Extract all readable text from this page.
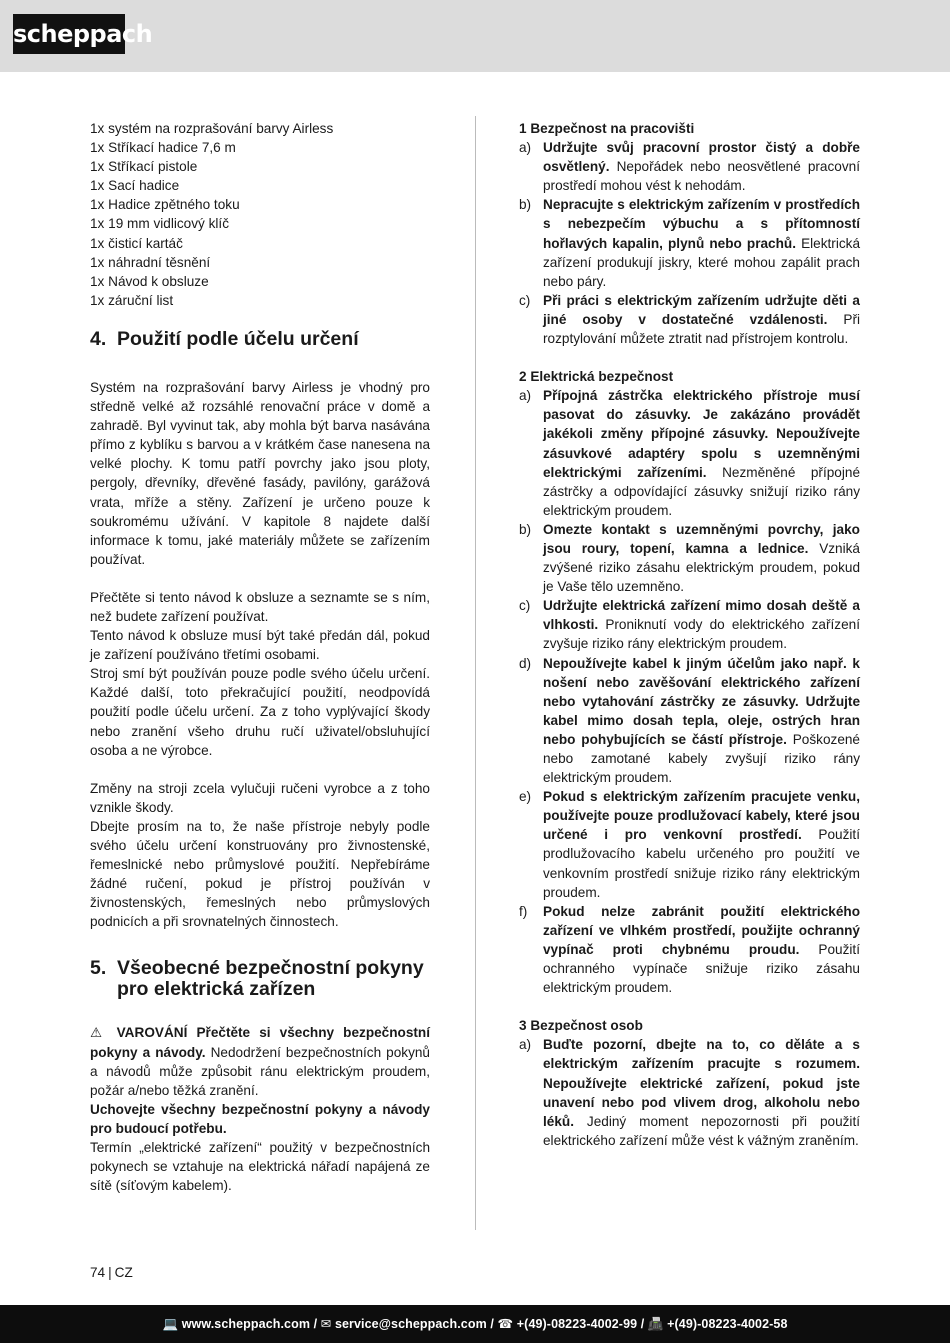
scheppach

1x systém na rozprašování barvy Airless

1x Stříkací hadice 7,6 m

1x Stříkací pistole

1x Sací hadice

1x Hadice zpětného toku

1x 19 mm vidlicový klíč

1x čisticí kartáč

1x náhradní těsnění

1x Návod k obsluze

1x záruční list

4. Použití podle účelu určení

Systém na rozprašování barvy Airless je vhodný pro středně velké až rozsáhlé renovační práce v domě a zahradě. Byl vyvinut tak, aby mohla být barva nasávána přímo z kyblíku s barvou a v krátkém čase nanesena na velké plochy. K tomu patří povrchy jako jsou ploty, pergoly, dřevníky, dřevěné fasády, pavilóny, garážová vrata, mříže a stěny. Zařízení je určeno pouze k soukromému užívání. V kapitole 8 najdete další informace k tomu, jaké materiály můžete se zařízením používat.

Přečtěte si tento návod k obsluze a seznamte se s ním, než budete zařízení používat.

Tento návod k obsluze musí být také předán dál, pokud je zařízení používáno třetími osobami.

Stroj smí být používán pouze podle svého účelu určení. Každé další, toto překračující použití, neodpovídá použití podle účelu určení. Za z toho vyplývající škody nebo zranění všeho druhu ručí uživatel/obsluhující osoba a ne výrobce.

Změny na stroji zcela vylučuji ručeni vyrobce a z toho vznikle škody.

Dbejte prosím na to, že naše přístroje nebyly podle svého účelu určení konstruovány pro živnostenské, řemeslnické nebo průmyslové použití. Nepřebíráme žádné ručení, pokud je přístroj používán v živnostenských, řemeslných nebo průmyslových podnicích a při srovnatelných činnostech.

5. Všeobecné bezpečnostní pokyny pro elektrická zařízen

⚠ VAROVÁNÍ Přečtěte si všechny bezpečnostní pokyny a návody. Nedodržení bezpečnostních pokynů a návodů může způsobit ránu elektrickým proudem, požár a/nebo těžká zranění.

Uchovejte všechny bezpečnostní pokyny a návody pro budoucí potřebu.

Termín „elektrické zařízení“ použitý v bezpečnostních pokynech se vztahuje na elektrická nářadí napájená ze sítě (síťovým kabelem).

1 Bezpečnost na pracovišti

a) Udržujte svůj pracovní prostor čistý a dobře osvětlený. Nepořádek nebo neosvětlené pracovní prostředí mohou vést k nehodám.
b) Nepracujte s elektrickým zařízením v prostředích s nebezpečím výbuchu a s přítomností hořlavých kapalin, plynů nebo prachů. Elektrická zařízení produkují jiskry, které mohou zapálit prach nebo páry.
c) Při práci s elektrickým zařízením udržujte děti a jiné osoby v dostatečné vzdálenosti. Při rozptylování můžete ztratit nad přístrojem kontrolu.

2 Elektrická bezpečnost

a) Přípojná zástrčka elektrického přístroje musí pasovat do zásuvky. Je zakázáno provádět jakékoli změny přípojné zásuvky. Nepoužívejte zásuvkové adaptéry spolu s uzemněnými elektrickými zařízeními. Nezměněné přípojné zástrčky a odpovídající zásuvky snižují riziko rány elektrickým proudem.
b) Omezte kontakt s uzemněnými povrchy, jako jsou roury, topení, kamna a lednice. Vzniká zvýšené riziko zásahu elektrickým proudem, pokud je Vaše tělo uzemněno.
c) Udržujte elektrická zařízení mimo dosah deště a vlhkosti. Proniknutí vody do elektrického zařízení zvyšuje riziko rány elektrickým proudem.
d) Nepoužívejte kabel k jiným účelům jako např. k nošení nebo zavěšování elektrického zařízení nebo vytahování zástrčky ze zásuvky. Udržujte kabel mimo dosah tepla, oleje, ostrých hran nebo pohybujících se částí přístroje. Poškozené nebo zamotané kabely zvyšují riziko rány elektrickým proudem.
e) Pokud s elektrickým zařízením pracujete venku, používejte pouze prodlužovací kabely, které jsou určené i pro venkovní prostředí. Použití prodlužovacího kabelu určeného pro použití ve venkovním prostředí snižuje riziko rány elektrickým proudem.
f)	Pokud nelze zabránit použití elektrického zařízení ve vlhkém prostředí, použijte ochranný vypínač proti chybnému proudu. Použití ochranného vypínače snižuje riziko zásahu elektrickým proudem.

3 Bezpečnost osob

a) Buďte pozorní, dbejte na to, co děláte a s elektrickým zařízením pracujte s rozumem. Nepoužívejte elektrické zařízení, pokud jste unavení nebo pod vlivem drog, alkoholu nebo léků. Jediný moment nepozornosti při použití elektrického zařízení může vést k vážným zraněním.
74 | CZ
💻 www.scheppach.com / ✉ service@scheppach.com / ☎ +(49)-08223-4002-99 / 📠 +(49)-08223-4002-58
